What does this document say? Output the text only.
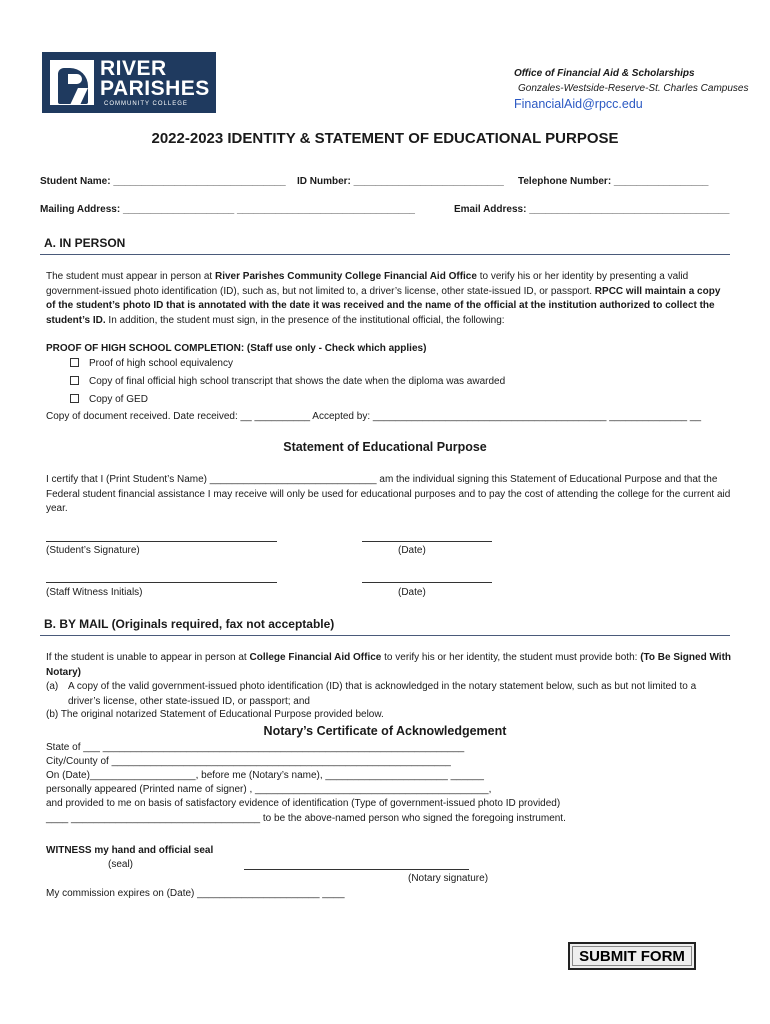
RIVER
PARISHES
COMMUNITY COLLEGE
Office of Financial Aid & Scholarships
Gonzales-Westside-Reserve-St. Charles Campuses
FinancialAid@rpcc.edu
2022-2023 IDENTITY & STATEMENT OF EDUCATIONAL PURPOSE
Student Name: _______________________________ ID Number: ___________________________ Telephone Number: _________________
Mailing Address: ____________________ ________________________________	Email Address: ____________________________________
A. IN PERSON
The student must appear in person at River Parishes Community College Financial Aid Office to verify his or her identity by presenting a valid government-issued photo identification (ID), such as, but not limited to, a driver’s license, other state-issued ID, or passport. RPCC will maintain a copy of the student’s photo ID that is annotated with the date it was received and the name of the official at the institution authorized to collect the student’s ID. In addition, the student must sign, in the presence of the institutional official, the following:
PROOF OF HIGH SCHOOL COMPLETION: (Staff use only - Check which applies)
Proof of high school equivalency
Copy of final official high school transcript that shows the date when the diploma was awarded
Copy of GED
Copy of document received. Date received: __ __________ Accepted by: __________________________________________ ______________ __
Statement of Educational Purpose
I certify that I (Print Student’s Name) ______________________________ am the individual signing this Statement of Educational Purpose and that the Federal student financial assistance I may receive will only be used for educational purposes and to pay the cost of attending the college for the current aid year.
(Student’s Signature)	(Date)
(Staff Witness Initials)	(Date)
B. BY MAIL (Originals required, fax not acceptable)
If the student is unable to appear in person at College Financial Aid Office to verify his or her identity, the student must provide both: (To Be Signed With Notary)
(a) A copy of the valid government-issued photo identification (ID) that is acknowledged in the notary statement below, such as but not limited to a driver’s license, other state-issued ID, or passport; and
(b) The original notarized Statement of Educational Purpose provided below.
Notary’s Certificate of Acknowledgement
State of ___ _________________________________________________________________
City/County of _____________________________________________________________
On (Date)___________________, before me (Notary’s name), ______________________ ______
personally appeared (Printed name of signer) , __________________________________________,
and provided to me on basis of satisfactory evidence of identification (Type of government-issued photo ID provided)
____ __________________________________ to be the above-named person who signed the foregoing instrument.
WITNESS my hand and official seal
(seal)
(Notary signature)
My commission expires on (Date) ______________________ ____
SUBMIT FORM
